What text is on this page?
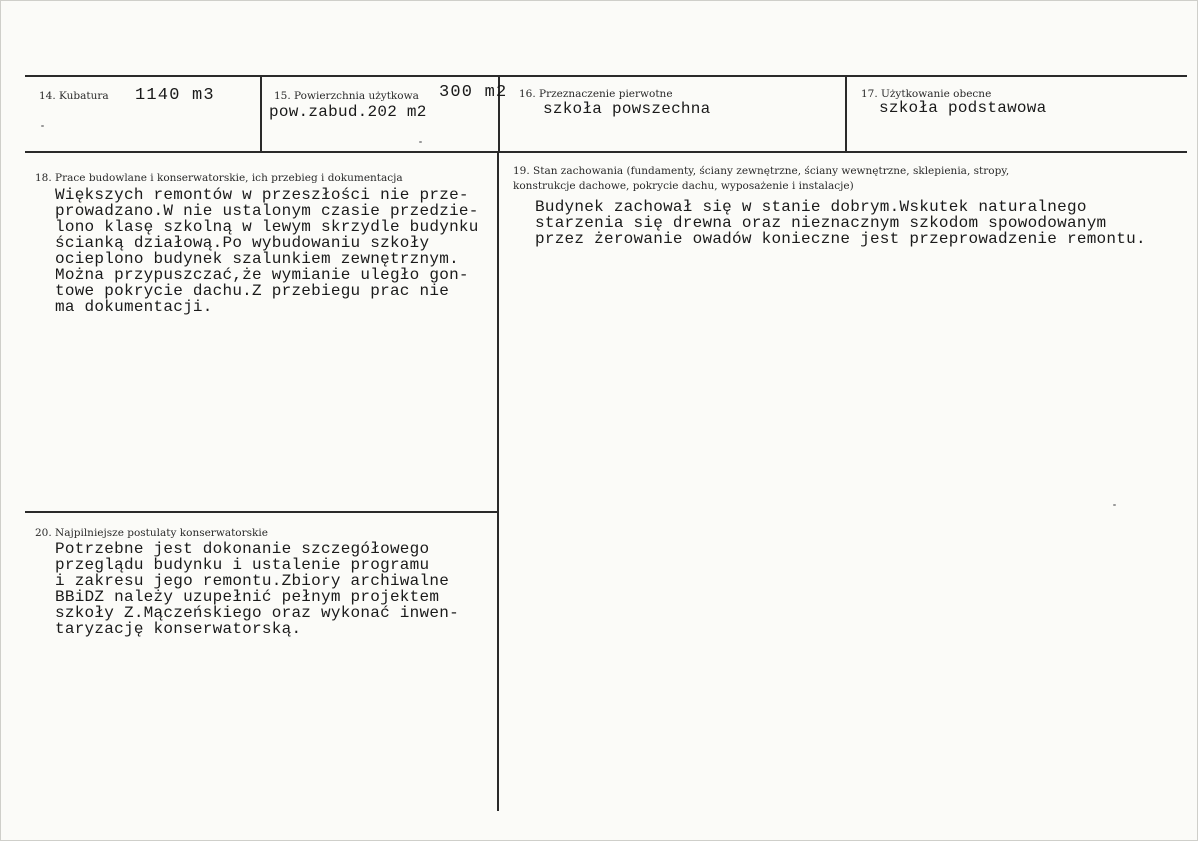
14. Kubatura 1140 m3	15. Powierzchnia użytkowa 300 m2
pow.zabud.202 m2
16. Przeznaczenie pierwotne
szkoła powszechna
17. Użytkowanie obecne
szkoła podstawowa
18. Prace budowlane i konserwatorskie, ich przebieg i dokumentacja
Większych remontów w przeszłości nie prze-
prowadzano.W nie ustalonym czasie przedzie-
lono klasę szkolną w lewym skrzydle budynku
ścianką działową.Po wybudowaniu szkoły
ocieplono budynek szalunkiem zewnętrznym.
Można przypuszczać,że wymianie uległo gon-
towe pokrycie dachu.Z przebiegu prac nie
ma dokumentacji.
19. Stan zachowania (fundamenty, ściany zewnętrzne, ściany wewnętrzne, sklepienia, stropy,
konstrukcje dachowe, pokrycie dachu, wyposażenie i instalacje)
Budynek zachował się w stanie dobrym.Wskutek naturalnego
starzenia się drewna oraz nieznacznym szkodom spowodowanym
przez żerowanie owadów konieczne jest przeprowadzenie remontu.
20. Najpilniejsze postulaty konserwatorskie
Potrzebne jest dokonanie szczegółowego
przeglądu budynku i ustalenie programu
i zakresu jego remontu.Zbiory archiwalne
BBiDZ należy uzupełnić pełnym projektem
szkoły Z.Mączeńskiego oraz wykonać inwen-
taryzację konserwatorską.
